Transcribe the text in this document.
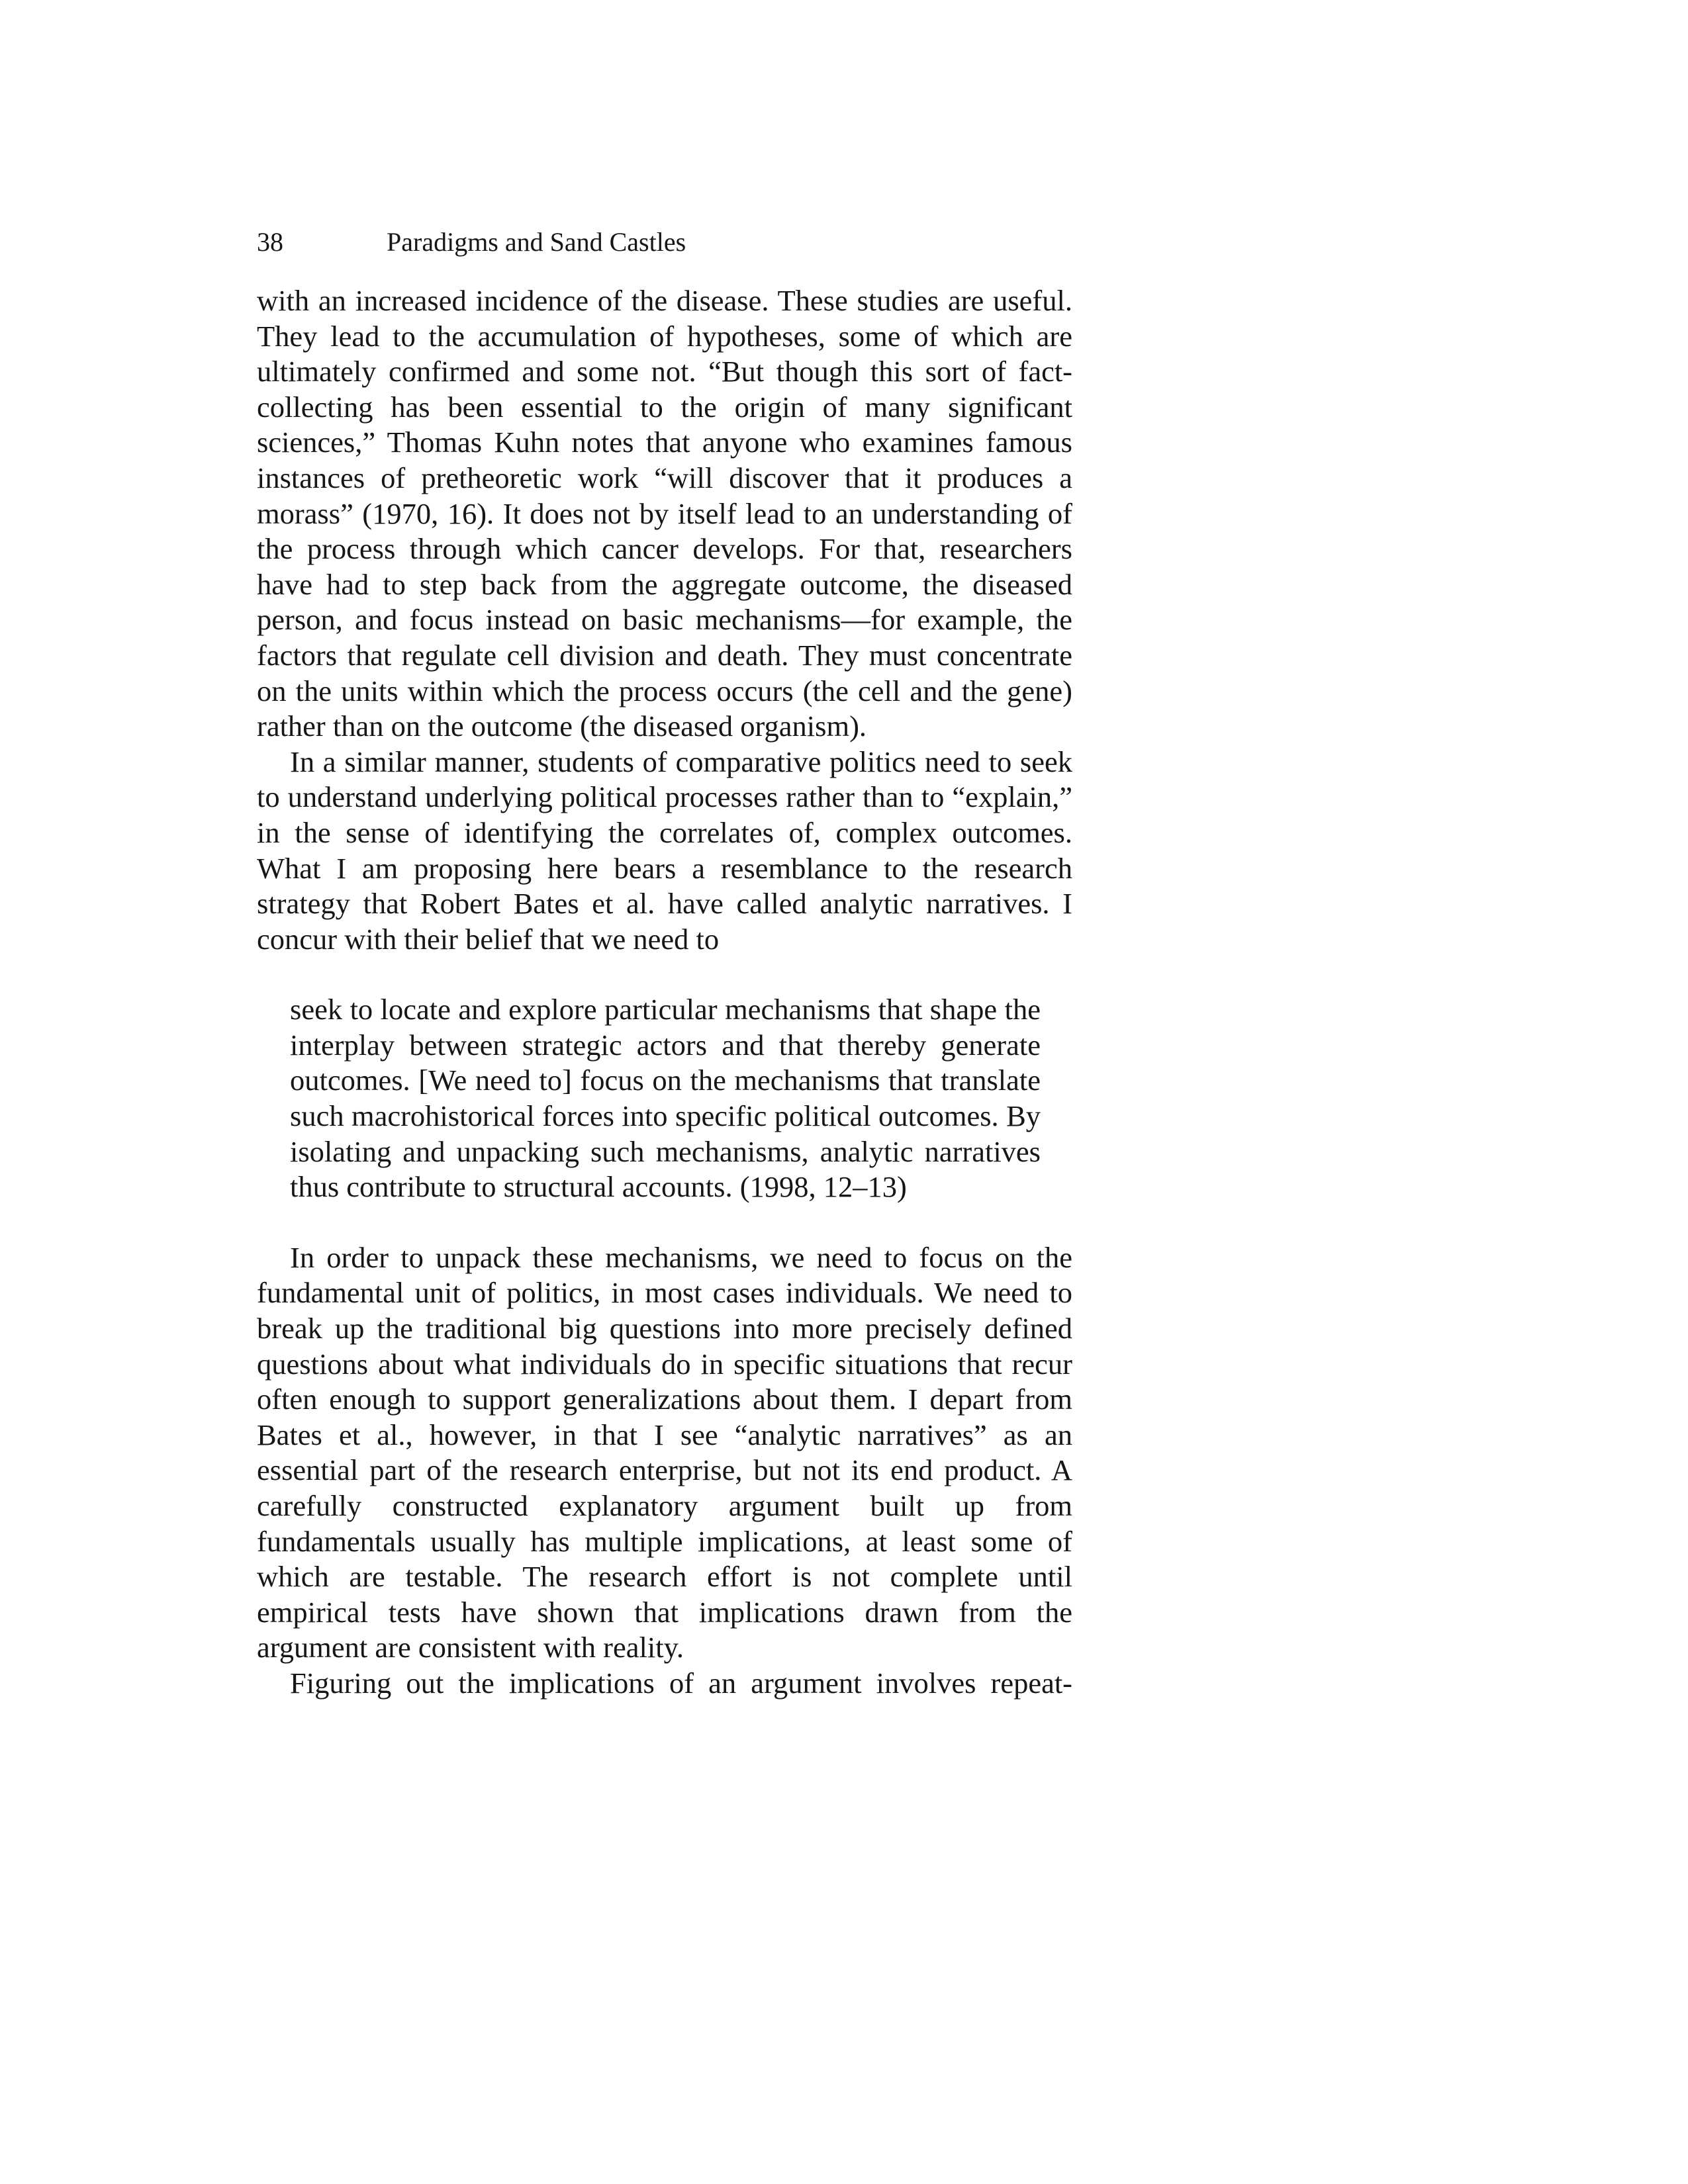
38	Paradigms and Sand Castles

with an increased incidence of the disease. These studies are useful. They lead to the accumulation of hypotheses, some of which are ultimately confirmed and some not. “But though this sort of fact-collecting has been essential to the origin of many significant sciences,” Thomas Kuhn notes that anyone who examines famous instances of pretheoretic work “will discover that it produces a morass” (1970, 16). It does not by itself lead to an understanding of the process through which cancer develops. For that, researchers have had to step back from the aggregate outcome, the diseased person, and focus instead on basic mechanisms—for example, the factors that regulate cell division and death. They must concentrate on the units within which the process occurs (the cell and the gene) rather than on the outcome (the diseased organism).

In a similar manner, students of comparative politics need to seek to understand underlying political processes rather than to “explain,” in the sense of identifying the correlates of, complex outcomes. What I am proposing here bears a resemblance to the research strategy that Robert Bates et al. have called analytic narratives. I concur with their belief that we need to

seek to locate and explore particular mechanisms that shape the interplay between strategic actors and that thereby generate outcomes. [We need to] focus on the mechanisms that translate such macrohistorical forces into specific political outcomes. By isolating and unpacking such mechanisms, analytic narratives thus contribute to structural accounts. (1998, 12–13)

In order to unpack these mechanisms, we need to focus on the fundamental unit of politics, in most cases individuals. We need to break up the traditional big questions into more precisely defined questions about what individuals do in specific situations that recur often enough to support generalizations about them. I depart from Bates et al., however, in that I see “analytic narratives” as an essential part of the research enterprise, but not its end product. A carefully constructed explanatory argument built up from fundamentals usually has multiple implications, at least some of which are testable. The research effort is not complete until empirical tests have shown that implications drawn from the argument are consistent with reality.

Figuring out the implications of an argument involves repeat-
